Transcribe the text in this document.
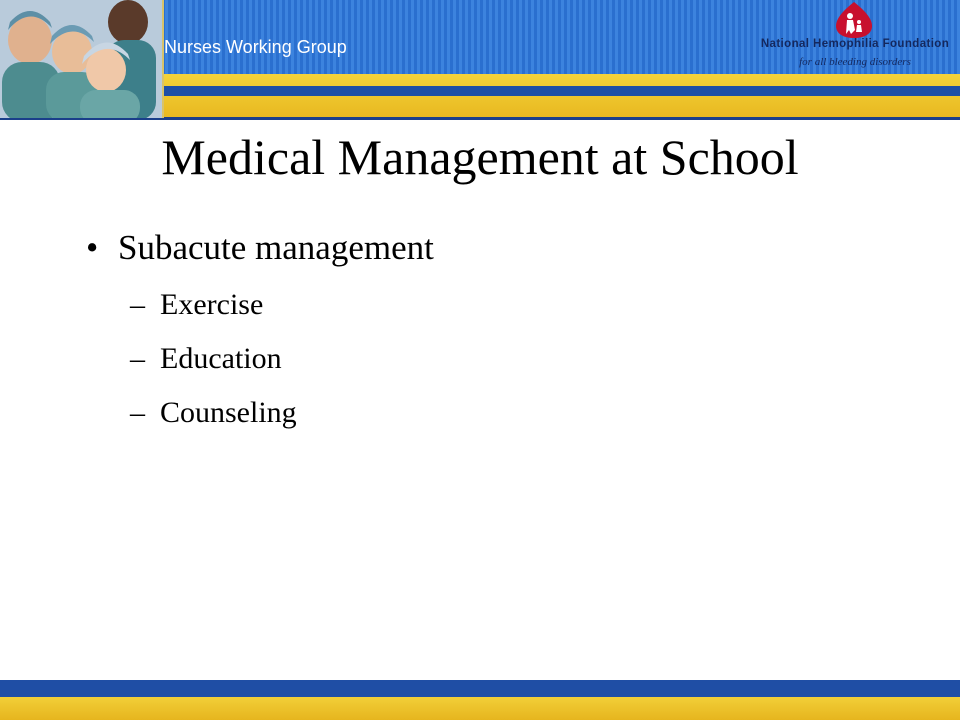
Nurses Working Group	National Hemophilia Foundation
for all bleeding disorders
Medical Management at School
• Subacute management
– Exercise
– Education
– Counseling
